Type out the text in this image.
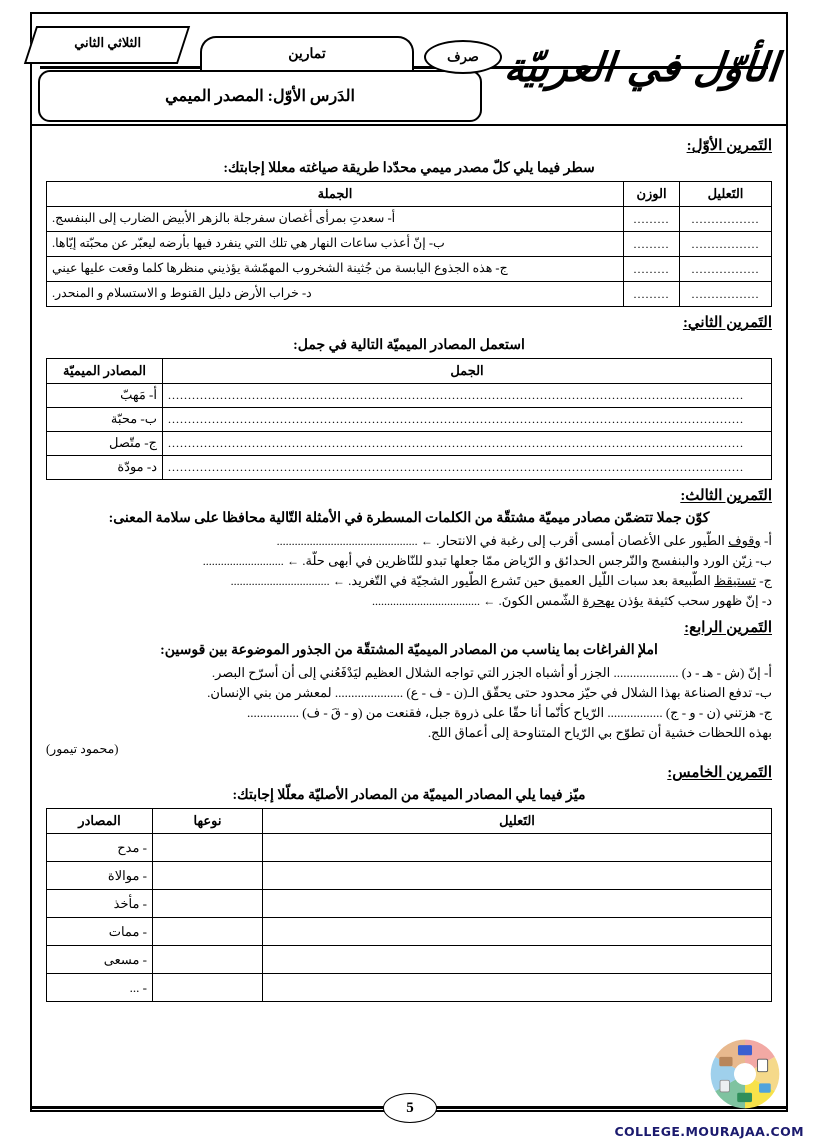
الأوّل في العربيّة
صرف
تمارين
الثلاثي الثاني
الدَرس الأوّل: المصدر الميمي
التَمرين الأوّل:
سطر فيما يلي كلّ مصدر ميمي محدّدا طريقة صياغته معللا إجابتك:
التَعليل	الوزن	الجملة
.................	.........	أ- سعدتِ بمرأى أغصان سفرجلة بالزهر الأبيض الضارب إلى البنفسج.
.................	.........	ب- إنّ أعذب ساعات النهار هي تلك التي ينفرد فيها بأرضه ليعبّر عن محبّته إيّاها.
.................	.........	ج- هذه الجذوع اليابسة من جُثينة الشخروب المهمّشة يؤذيني منظرها كلما وقعت عليها عيني
.................	.........	د- خراب الأرض دليل القنوط و الاستسلام و المنحدر.
التَمرين الثاني:
استعمل المصادر الميميّة التالية في جمل:
الجمل	المصادر الميميّة
................................................................................................................................................	أ- مَهبّ
................................................................................................................................................	ب- محبّة
................................................................................................................................................	ج- متّصل
................................................................................................................................................	د- مودّة
التَمرين الثالث:
كوّن جملا تتضمّن مصادر ميميّة مشتقّة من الكلمات المسطرة في الأمثلة التّالية محافظا على سلامة المعنى:

أ- وقوف الطّيور على الأغصان أمسى أقرب إلى رغبة في الانتحار. ← ...............................................

ب- زيّن الورد والبنفسج والنّرجس الحدائق و الرّياض ممّا جعلها تبدو للنّاظرين في أبهى حلّة. ← ...........................

ج- تستيقظ الطّبيعة بعد سبات اللّيل العميق حين تَشرع الطّيور الشجيّة في التّغريد. ← .................................

د- إنّ ظهور سحب كثيفة يؤذن بهجرة الشّمس الكونَ. ← ....................................

التَمرين الرابع:
املإ الفراغات بما يناسب من المصادر الميميّة المشتقّة من الجذور الموضوعة بين قوسين:

أ- إنّ (ش - هـ - د) .................... الجزر أو أشباه الجزر التي تواجه الشلال العظيم ليَدْفَعُني إلى أن أسرّح البصر.

ب- تدفع الصناعة بهذا الشلال في حيّز محدود حتى يحقّق الـ(ن - ف - ع) ..................... لمعشر من بني الإنسان.

ج- هزتني (ن - و - ج) ................. الرّياح كأنّما أنا حقّا على ذروة جبل، فقنعت من (و - قَ - ف) ................

بهذه اللحظات خشية أن تطوّح بي الرّياح المتناوحة إلى أعماق اللج.

(محمود تيمور)

التَمرين الخامس:
ميّز فيما يلي المصادر الميميّة من المصادر الأصليّة معلّلا إجابتك:
التَعليل	نوعها	المصادر
		- مدح
		- موالاة
		- مأخذ
		- ممات
		- مسعى
		- ...
5

COLLEGE.MOURAJAA.COM
